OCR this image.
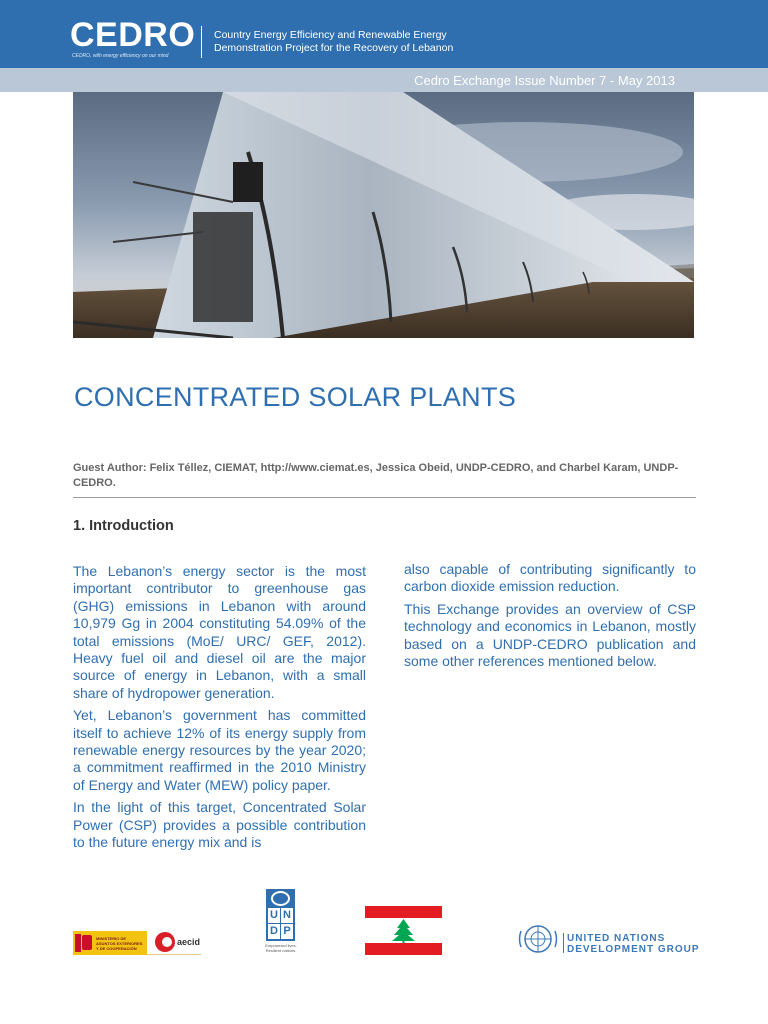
CEDRO
CEDRO, with energy efficiency on our mind
Country Energy Efficiency and Renewable Energy
Demonstration Project for the Recovery of Lebanon
Cedro Exchange Issue Number 7 - May 2013
CONCENTRATED SOLAR PLANTS
Guest Author: Felix Téllez, CIEMAT, http://www.ciemat.es, Jessica Obeid, UNDP-CEDRO, and Charbel Karam, UNDP-CEDRO.
1. Introduction

The Lebanon’s energy sector is the most important contributor to greenhouse gas (GHG) emissions in Lebanon with around 10,979 Gg in 2004 constituting 54.09% of the total emissions (MoE/ URC/ GEF, 2012). Heavy fuel oil and diesel oil are the major source of energy in Lebanon, with a small share of hydropower generation.

Yet, Lebanon’s government has committed itself to achieve 12% of its energy supply from renewable energy resources by the year 2020; a commitment reaffirmed in the 2010 Ministry of Energy and Water (MEW) policy paper.

In the light of this target, Concentrated Solar Power (CSP) provides a possible contribution to the future energy mix and is

also capable of contributing significantly to carbon dioxide emission reduction.

This Exchange provides an overview of CSP technology and economics in Lebanon, mostly based on a UNDP-CEDRO publication and some other references mentioned below.

MINISTERIO DE ASUNTOS EXTERIORES Y DE COOPERACIÓN
aecid
U N
D P
Empowered lives. Resilient nations.
UNITED NATIONS
DEVELOPMENT GROUP
